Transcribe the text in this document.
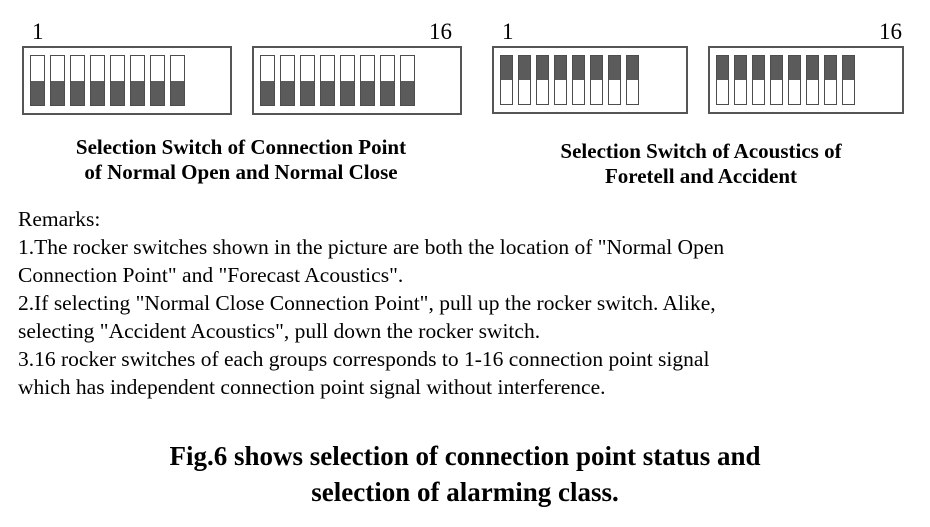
1	16 1	16
Selection Switch of Connection Point
of Normal Open and Normal Close
Selection Switch of Acoustics of
Foretell and Accident

Remarks:

1.The rocker switches shown in the picture are both the location of "Normal Open

Connection Point" and "Forecast Acoustics".

2.If selecting "Normal Close Connection Point", pull up the rocker switch. Alike,

selecting "Accident Acoustics", pull down the rocker switch.

3.16 rocker switches of each groups corresponds to 1-16 connection point signal

which has independent connection point signal without interference.

Fig.6 shows selection of connection point status and
selection of alarming class.
